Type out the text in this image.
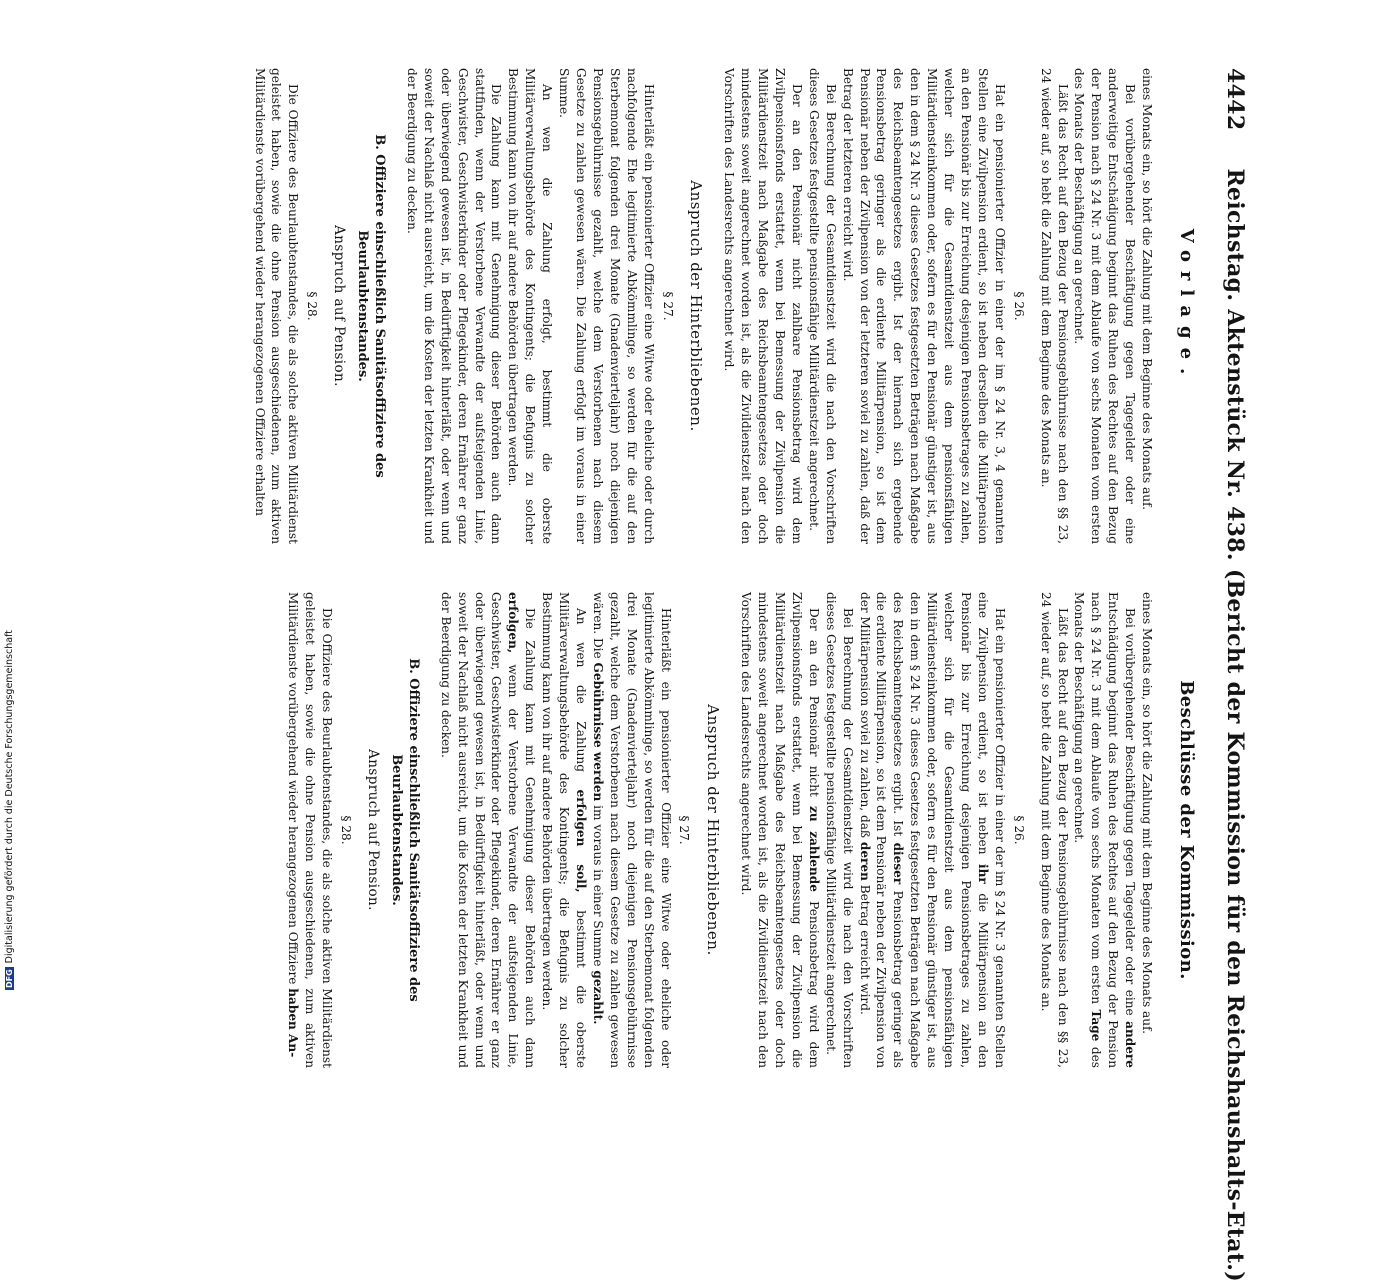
DFGDigitalisierung gefördert durch die Deutsche Forschungsgemeinschaft
4442Reichstag. Aktenstück Nr. 438. (Bericht der Kommission für den Reichshaushalts-Etat.)
Vorlage.

eines Monats ein, so hört die Zahlung mit dem Beginne des Monats auf.

Bei vorübergehender Beschäftigung gegen Tagegelder oder eine anderweitige Entschädigung beginnt das Ruhen des Rechtes auf den Bezug der Pension nach § 24 Nr. 3 mit dem Ablaufe von sechs Monaten vom ersten des Monats der Beschäftigung an gerechnet.

Läßt das Recht auf den Bezug der Pensionsgebührnisse nach den §§ 23, 24 wieder auf, so hebt die Zahlung mit dem Beginne des Monats an.

§ 26.

Hat ein pensionierter Offizier in einer der im § 24 Nr. 3, 4 genannten Stellen eine Zivilpension erdient, so ist neben derselben die Militärpension an den Pensionär bis zur Erreichung desjenigen Pensionsbetrages zu zahlen, welcher sich für die Gesamtdienstzeit aus dem pensionsfähigen Militärdiensteinkommen oder, sofern es für den Pensionär günstiger ist, aus den in dem § 24 Nr. 3 dieses Gesetzes festgesetzten Beträgen nach Maßgabe des Reichsbeamtengesetzes ergibt. Ist der hiernach sich ergebende Pensionsbetrag geringer als die erdiente Militärpension, so ist dem Pensionär neben der Zivilpension von der letzteren soviel zu zahlen, daß der Betrag der letzteren erreicht wird.

Bei Berechnung der Gesamtdienstzeit wird die nach den Vorschriften dieses Gesetzes festgestellte pensionsfähige Militärdienstzeit angerechnet.

Der an den Pensionär nicht zahlbare Pensionsbetrag wird dem Zivilpensionsfonds erstattet, wenn bei Bemessung der Zivilpension die Militärdienstzeit nach Maßgabe des Reichsbeamtengesetzes oder doch mindestens soweit angerechnet worden ist, als die Zivildienstzeit nach den Vorschriften des Landesrechts angerechnet wird.

Anspruch der Hinterbliebenen.
§ 27.

Hinterläßt ein pensionierter Offizier eine Witwe oder eheliche oder durch nachfolgende Ehe legitimierte Abkömmlinge, so werden für die auf den Sterbemonat folgenden drei Monate (Gnadenvierteljahr) noch diejenigen Pensionsgebührnisse gezahlt, welche dem Verstorbenen nach diesem Gesetze zu zahlen gewesen wären. Die Zahlung erfolgt im voraus in einer Summe.

An wen die Zahlung erfolgt, bestimmt die oberste Militärverwaltungsbehörde des Kontingents; die Befugnis zu solcher Bestimmung kann von ihr auf andere Behörden übertragen werden.

Die Zahlung kann mit Genehmigung dieser Behörden auch dann stattfinden, wenn der Verstorbene Verwandte der aufsteigenden Linie, Geschwister, Geschwisterkinder oder Pflegekinder, deren Ernährer er ganz oder überwiegend gewesen ist, in Bedürftigkeit hinterläßt, oder wenn und soweit der Nachlaß nicht ausreicht, um die Kosten der letzten Krankheit und der Beerdigung zu decken.

B. Offiziere einschließlich Sanitätsoffiziere des Beurlaubtenstandes.
Anspruch auf Pension.
§ 28.

Die Offiziere des Beurlaubtenstandes, die als solche aktiven Militärdienst geleistet haben, sowie die ohne Pension ausgeschiedenen, zum aktiven Militärdienste vorübergehend wieder herangezogenen Offiziere erhalten

Beschlüsse der Kommission.

eines Monats ein, so hört die Zahlung mit dem Beginne des Monats auf.

Bei vorübergehender Beschäftigung gegen Tagegelder oder eine andere Entschädigung beginnt das Ruhen des Rechtes auf den Bezug der Pension nach § 24 Nr. 3 mit dem Ablaufe von sechs Monaten vom ersten Tage des Monats der Beschäftigung an gerechnet.

Läßt das Recht auf den Bezug der Pensionsgebührnisse nach den §§ 23, 24 wieder auf, so hebt die Zahlung mit dem Beginne des Monats an.

§ 26.

Hat ein pensionierter Offizier in einer der im § 24 Nr. 3 genannten Stellen eine Zivilpension erdient, so ist neben ihr die Militärpension an den Pensionär bis zur Erreichung desjenigen Pensionsbetrages zu zahlen, welcher sich für die Gesamtdienstzeit aus dem pensionsfähigen Militärdiensteinkommen oder, sofern es für den Pensionär günstiger ist, aus den in dem § 24 Nr. 3 dieses Gesetzes festgesetzten Beträgen nach Maßgabe des Reichsbeamtengesetzes ergibt. Ist dieser Pensionsbetrag geringer als die erdiente Militärpension, so ist dem Pensionär neben der Zivilpension von der Militärpension soviel zu zahlen, daß deren Betrag erreicht wird.

Bei Berechnung der Gesamtdienstzeit wird die nach den Vorschriften dieses Gesetzes festgestellte pensionsfähige Militärdienstzeit angerechnet.

Der an den Pensionär nicht zu zahlende Pensionsbetrag wird dem Zivilpensionsfonds erstattet, wenn bei Bemessung der Zivilpension die Militärdienstzeit nach Maßgabe des Reichsbeamtengesetzes oder doch mindestens soweit angerechnet worden ist, als die Zivildienstzeit nach den Vorschriften des Landesrechts angerechnet wird.

Anspruch der Hinterbliebenen.
§ 27.

Hinterläßt ein pensionierter Offizier eine Witwe oder eheliche oder legitimierte Abkömmlinge, so werden für die auf den Sterbemonat folgenden drei Monate (Gnadenvierteljahr) noch diejenigen Pensionsgebührnisse gezahlt, welche dem Verstorbenen nach diesem Gesetze zu zahlen gewesen wären. Die Gebührnisse werden im voraus in einer Summe gezahlt.

An wen die Zahlung erfolgen soll, bestimmt die oberste Militärverwaltungsbehörde des Kontingents; die Befugnis zu solcher Bestimmung kann von ihr auf andere Behörden übertragen werden.

Die Zahlung kann mit Genehmigung dieser Behörden auch dann erfolgen, wenn der Verstorbene Verwandte der aufsteigenden Linie, Geschwister, Geschwisterkinder oder Pflegekinder, deren Ernährer er ganz oder überwiegend gewesen ist, in Bedürftigkeit hinterläßt, oder wenn und soweit der Nachlaß nicht ausreicht, um die Kosten der letzten Krankheit und der Beerdigung zu decken.

B. Offiziere einschließlich Sanitätsoffiziere des Beurlaubtenstandes.
Anspruch auf Pension.
§ 28.

Die Offiziere des Beurlaubtenstandes, die als solche aktiven Militärdienst geleistet haben, sowie die ohne Pension ausgeschiedenen, zum aktiven Militärdienste vorübergehend wieder herangezogenen Offiziere haben An-
